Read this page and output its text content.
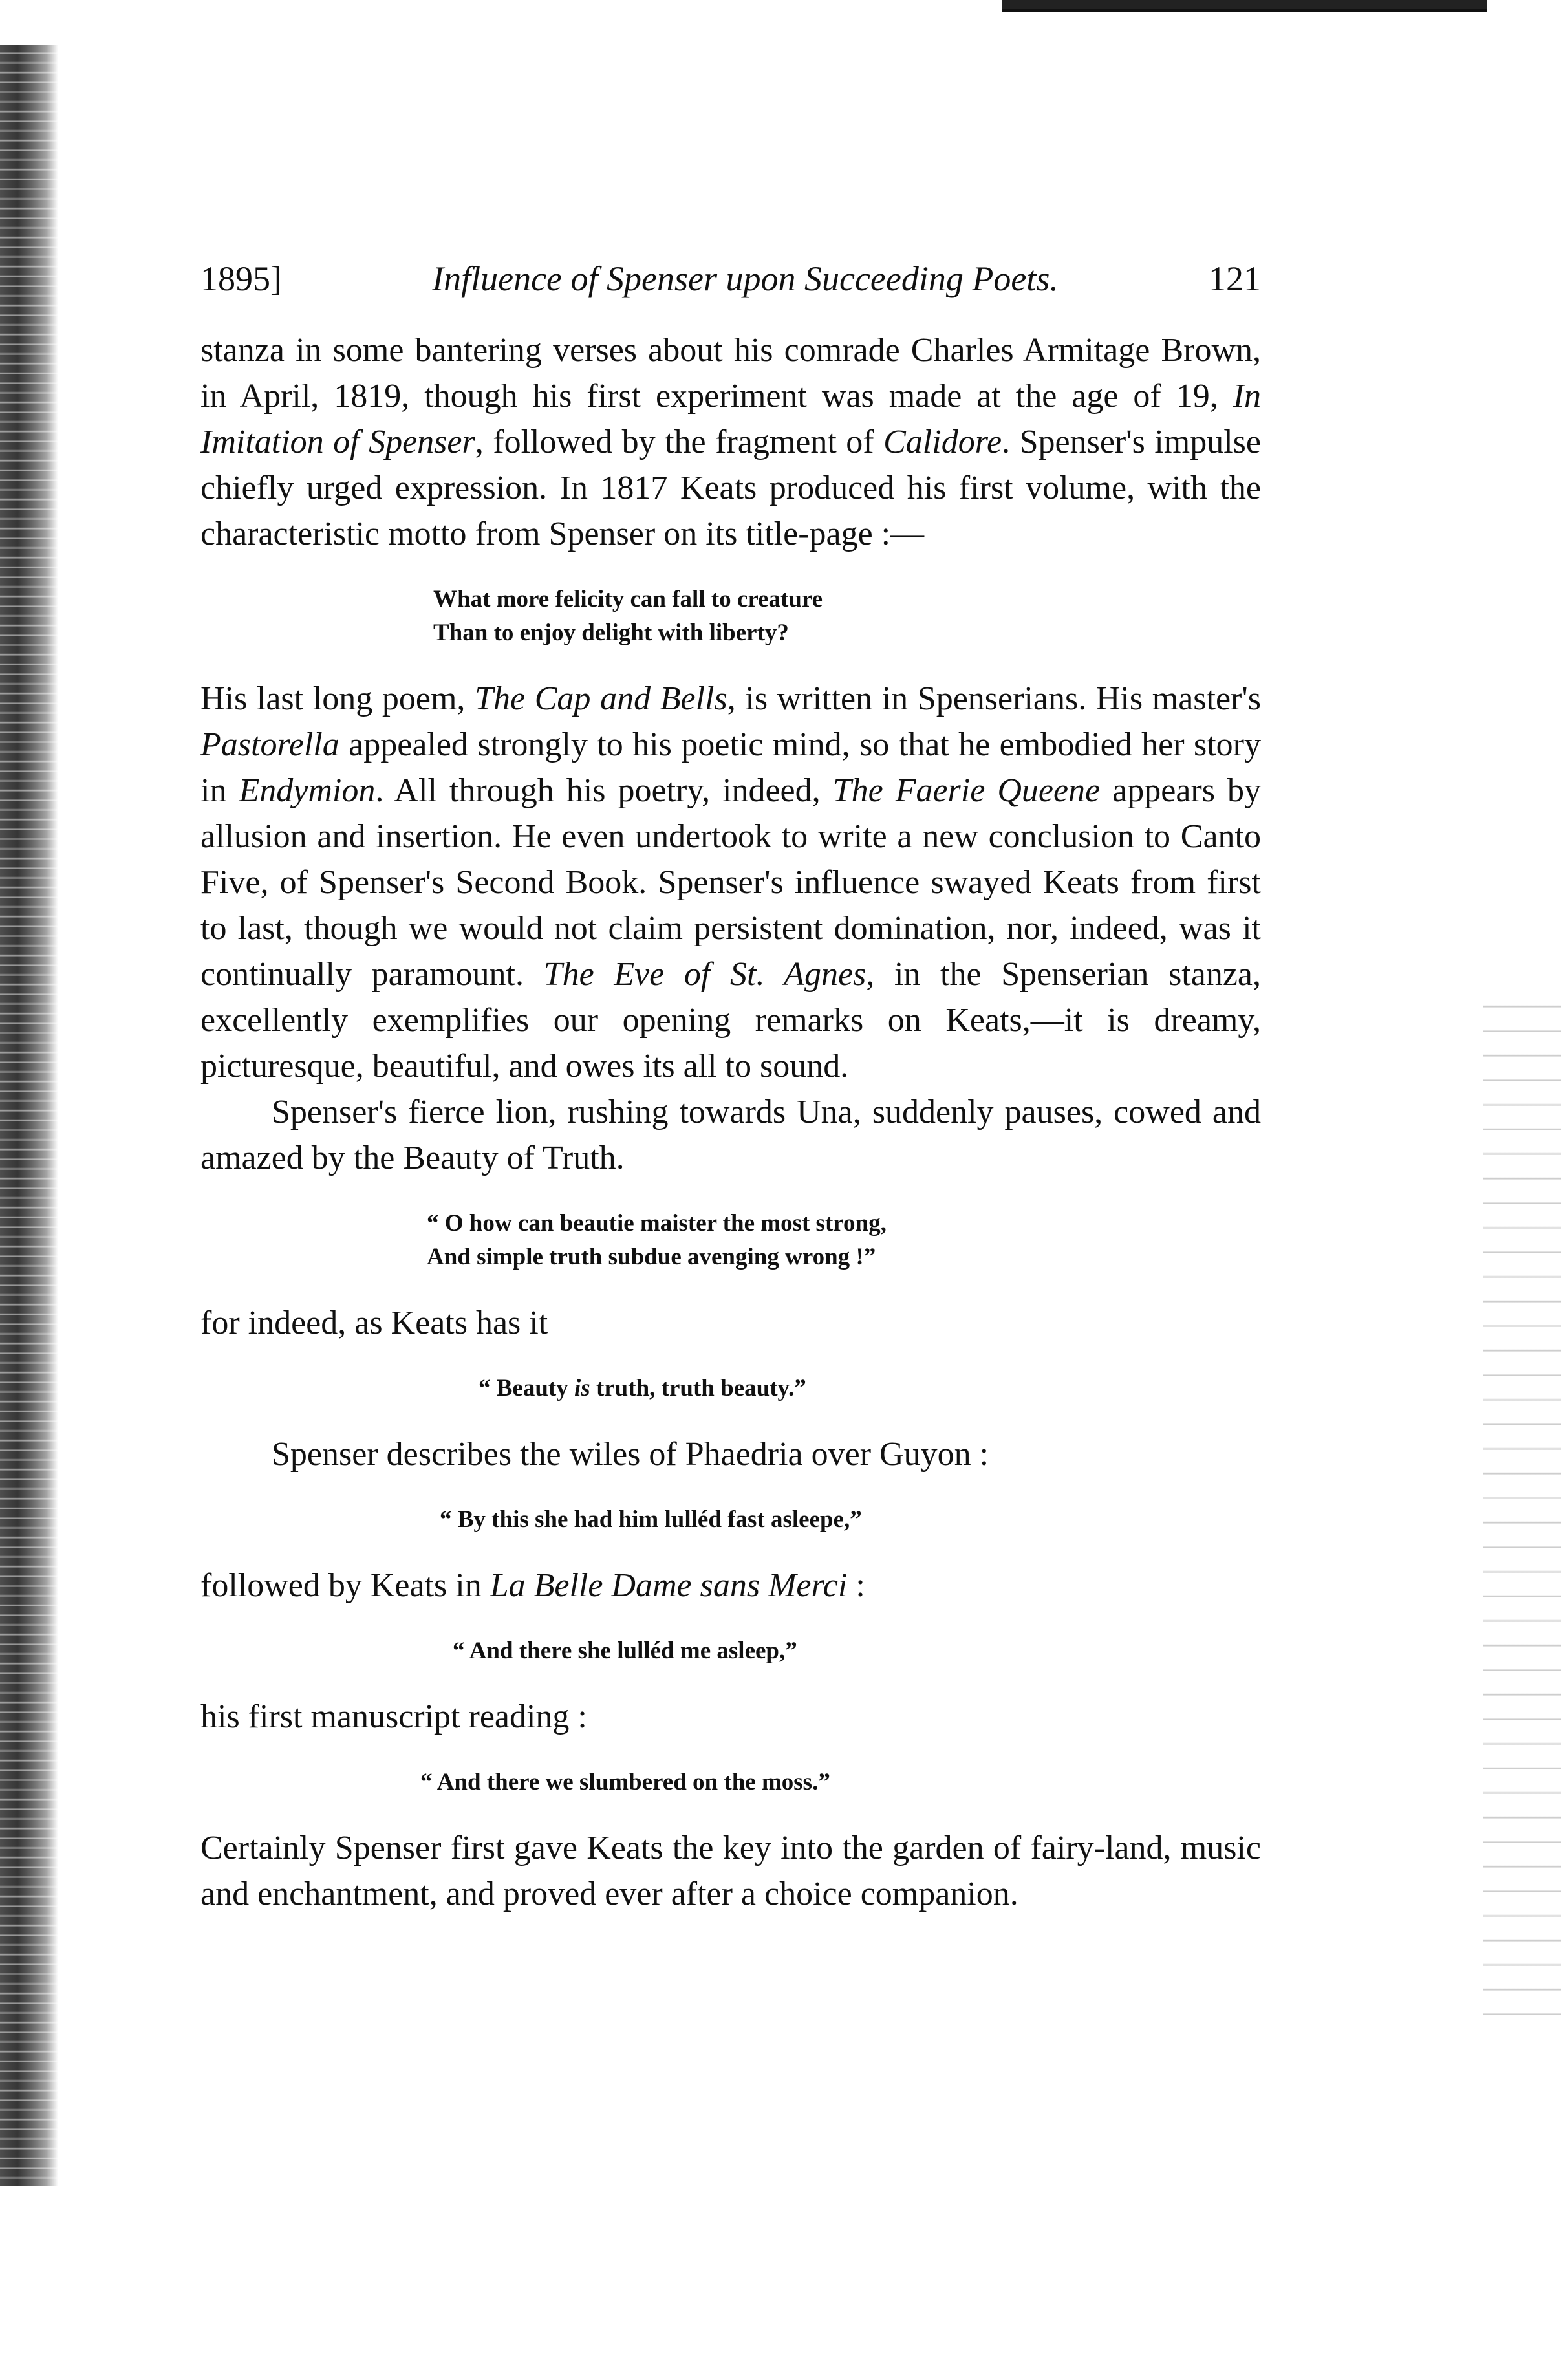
1895]	Influence of Spenser upon Succeeding Poets.	121

stanza in some bantering verses about his comrade Charles Armitage Brown, in April, 1819, though his first experiment was made at the age of 19, In Imitation of Spenser, followed by the fragment of Calidore. Spenser's impulse chiefly urged expression. In 1817 Keats produced his first volume, with the characteristic motto from Spenser on its title-page :—

What more felicity can fall to creature
Than to enjoy delight with liberty?

His last long poem, The Cap and Bells, is written in Spenserians. His master's Pastorella appealed strongly to his poetic mind, so that he embodied her story in Endymion. All through his poetry, indeed, The Faerie Queene appears by allusion and insertion. He even undertook to write a new conclusion to Canto Five, of Spenser's Second Book. Spenser's influence swayed Keats from first to last, though we would not claim persistent domination, nor, indeed, was it continually paramount. The Eve of St. Agnes, in the Spenserian stanza, excellently exemplifies our opening remarks on Keats,—it is dreamy, picturesque, beautiful, and owes its all to sound.

Spenser's fierce lion, rushing towards Una, suddenly pauses, cowed and amazed by the Beauty of Truth.

“ O how can beautie maister the most strong,
And simple truth subdue avenging wrong !”

for indeed, as Keats has it

“ Beauty is truth, truth beauty.”

Spenser describes the wiles of Phaedria over Guyon :

“ By this she had him lulléd fast asleepe,”

followed by Keats in La Belle Dame sans Merci :

“ And there she lulléd me asleep,”

his first manuscript reading :

“ And there we slumbered on the moss.”

Certainly Spenser first gave Keats the key into the garden of fairy-land, music and enchantment, and proved ever after a choice companion.
